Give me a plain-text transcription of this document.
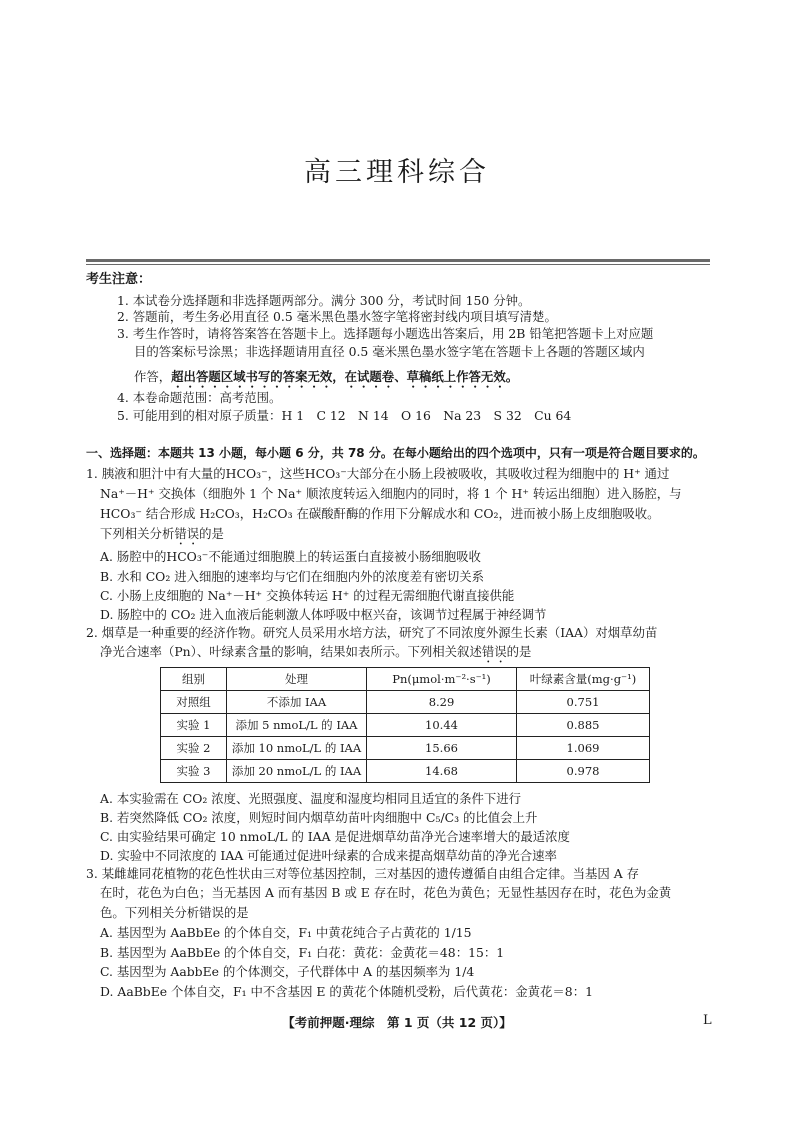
高三理科综合
考生注意：
1. 本试卷分选择题和非选择题两部分。满分 300 分，考试时间 150 分钟。
2. 答题前，考生务必用直径 0.5 毫米黑色墨水签字笔将密封线内项目填写清楚。
3. 考生作答时，请将答案答在答题卡上。选择题每小题选出答案后，用 2B 铅笔把答题卡上对应题
目的答案标号涂黑；非选择题请用直径 0.5 毫米黑色墨水签字笔在答题卡上各题的答题区域内
作答，超出答题区域书写的答案无效，在试题卷、草稿纸上作答无效。
4. 本卷命题范围：高考范围。
5. 可能用到的相对原子质量：H 1　C 12　N 14　O 16　Na 23　S 32　Cu 64
一、选择题：本题共 13 小题，每小题 6 分，共 78 分。在每小题给出的四个选项中，只有一项是符合题目要求的。
1. 胰液和胆汁中有大量的HCO₃⁻，这些HCO₃⁻大部分在小肠上段被吸收，其吸收过程为细胞中的 H⁺ 通过
Na⁺－H⁺ 交换体（细胞外 1 个 Na⁺ 顺浓度转运入细胞内的同时，将 1 个 H⁺ 转运出细胞）进入肠腔，与
HCO₃⁻ 结合形成 H₂CO₃，H₂CO₃ 在碳酸酐酶的作用下分解成水和 CO₂，进而被小肠上皮细胞吸收。
下列相关分析错误的是
A. 肠腔中的HCO₃⁻不能通过细胞膜上的转运蛋白直接被小肠细胞吸收
B. 水和 CO₂ 进入细胞的速率均与它们在细胞内外的浓度差有密切关系
C. 小肠上皮细胞的 Na⁺－H⁺ 交换体转运 H⁺ 的过程无需细胞代谢直接供能
D. 肠腔中的 CO₂ 进入血液后能刺激人体呼吸中枢兴奋，该调节过程属于神经调节
2. 烟草是一种重要的经济作物。研究人员采用水培方法，研究了不同浓度外源生长素（IAA）对烟草幼苗
净光合速率（Pn）、叶绿素含量的影响，结果如表所示。下列相关叙述错误的是
组别	处理	Pn(μmol·m⁻²·s⁻¹)	叶绿素含量(mg·g⁻¹)
对照组	不添加 IAA	8.29	0.751
实验 1	添加 5 nmoL/L 的 IAA	10.44	0.885
实验 2	添加 10 nmoL/L 的 IAA	15.66	1.069
实验 3	添加 20 nmoL/L 的 IAA	14.68	0.978
A. 本实验需在 CO₂ 浓度、光照强度、温度和湿度均相同且适宜的条件下进行
B. 若突然降低 CO₂ 浓度，则短时间内烟草幼苗叶肉细胞中 C₅/C₃ 的比值会上升
C. 由实验结果可确定 10 nmoL/L 的 IAA 是促进烟草幼苗净光合速率增大的最适浓度
D. 实验中不同浓度的 IAA 可能通过促进叶绿素的合成来提高烟草幼苗的净光合速率
3. 某雌雄同花植物的花色性状由三对等位基因控制，三对基因的遗传遵循自由组合定律。当基因 A 存
在时，花色为白色；当无基因 A 而有基因 B 或 E 存在时，花色为黄色；无显性基因存在时，花色为金黄
色。下列相关分析错误的是
A. 基因型为 AaBbEe 的个体自交，F₁ 中黄花纯合子占黄花的 1/15
B. 基因型为 AaBbEe 的个体自交，F₁ 白花：黄花：金黄花＝48：15：1
C. 基因型为 AabbEe 的个体测交，子代群体中 A 的基因频率为 1/4
D. AaBbEe 个体自交，F₁ 中不含基因 E 的黄花个体随机受粉，后代黄花：金黄花＝8：1
【考前押题·理综　第 1 页（共 12 页）】	L
